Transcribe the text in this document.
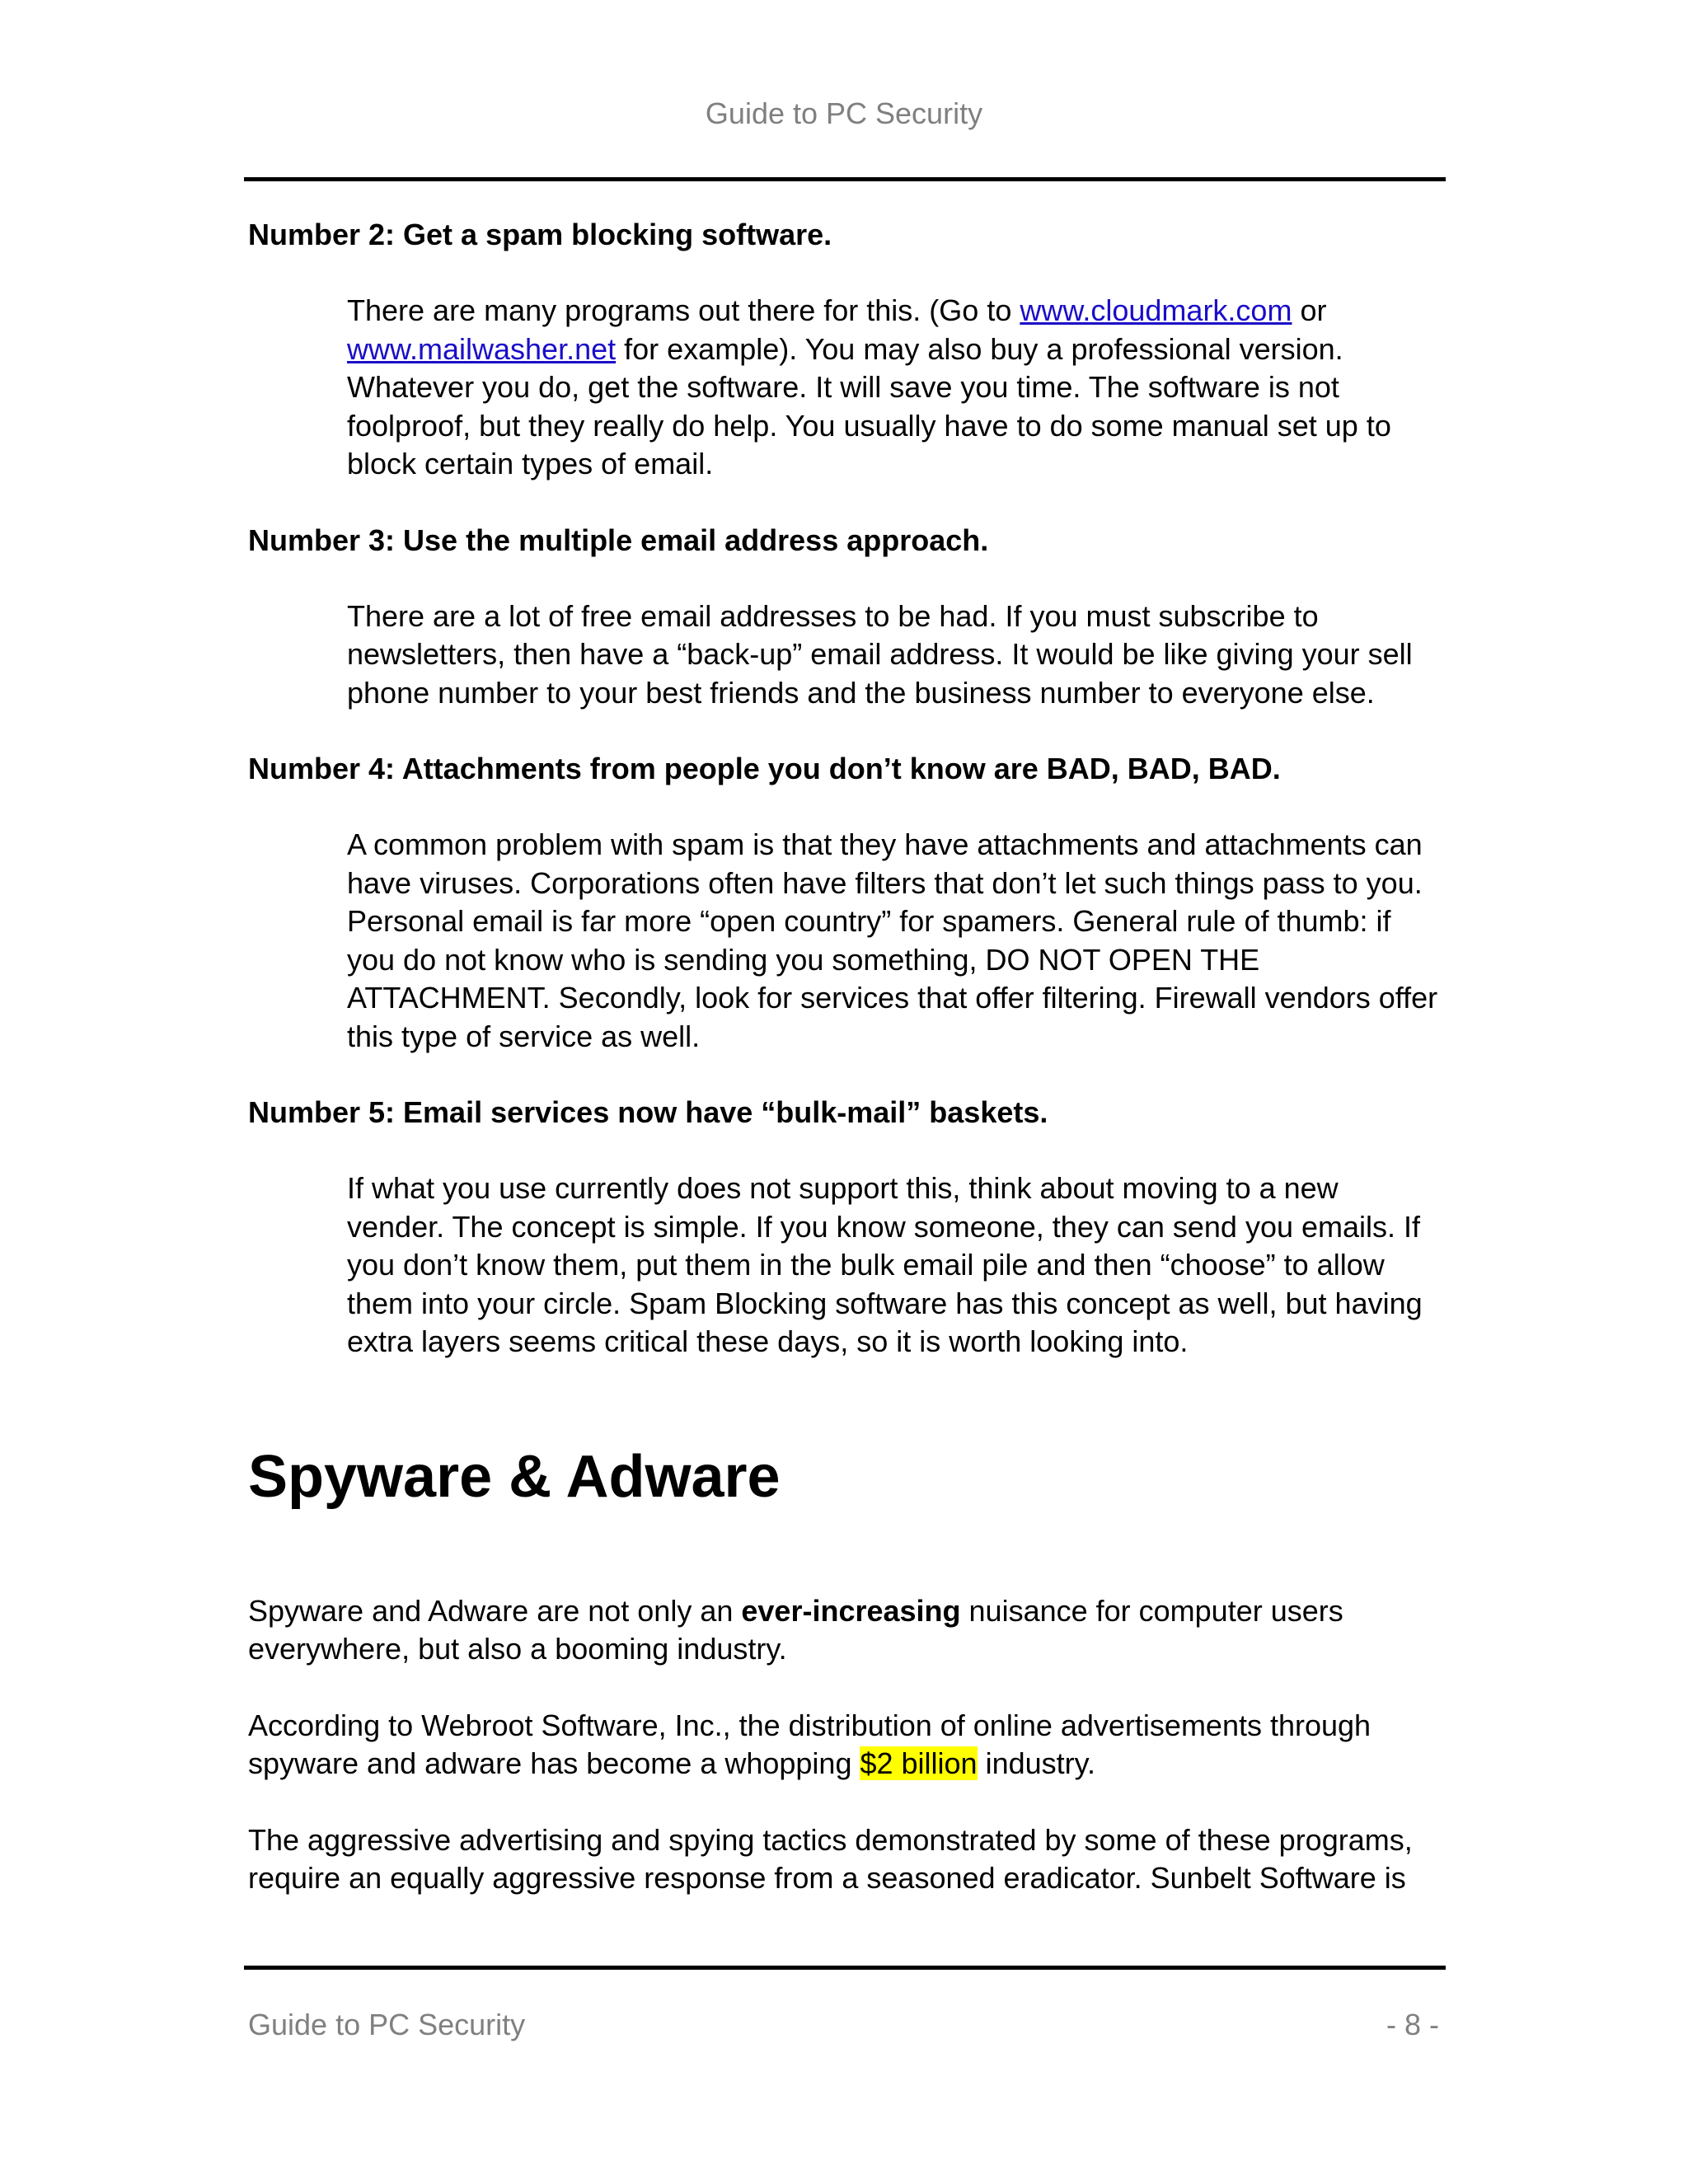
Guide to PC Security

Number 2: Get a spam blocking software.

There are many programs out there for this. (Go to www.cloudmark.com or
www.mailwasher.net for example). You may also buy a professional version. Whatever you do, get the software. It will save you time. The software is not foolproof, but they really do help. You usually have to do some manual set up to block certain types of email.

Number 3: Use the multiple email address approach.

There are a lot of free email addresses to be had. If you must subscribe to newsletters, then have a “back-up” email address. It would be like giving your sell phone number to your best friends and the business number to everyone else.

Number 4: Attachments from people you don’t know are BAD, BAD, BAD.

A common problem with spam is that they have attachments and attachments can have viruses. Corporations often have filters that don’t let such things pass to you. Personal email is far more “open country” for spamers. General rule of thumb: if you do not know who is sending you something, DO NOT OPEN THE ATTACHMENT. Secondly, look for services that offer filtering. Firewall vendors offer this type of service as well.

Number 5: Email services now have “bulk-mail” baskets.

If what you use currently does not support this, think about moving to a new vender. The concept is simple. If you know someone, they can send you emails. If you don’t know them, put them in the bulk email pile and then “choose” to allow them into your circle. Spam Blocking software has this concept as well, but having extra layers seems critical these days, so it is worth looking into.

Spyware & Adware

Spyware and Adware are not only an ever-increasing nuisance for computer users everywhere, but also a booming industry.

According to Webroot Software, Inc., the distribution of online advertisements through spyware and adware has become a whopping $2 billion industry.

The aggressive advertising and spying tactics demonstrated by some of these programs, require an equally aggressive response from a seasoned eradicator. Sunbelt Software is

Guide to PC Security	- 8 -
